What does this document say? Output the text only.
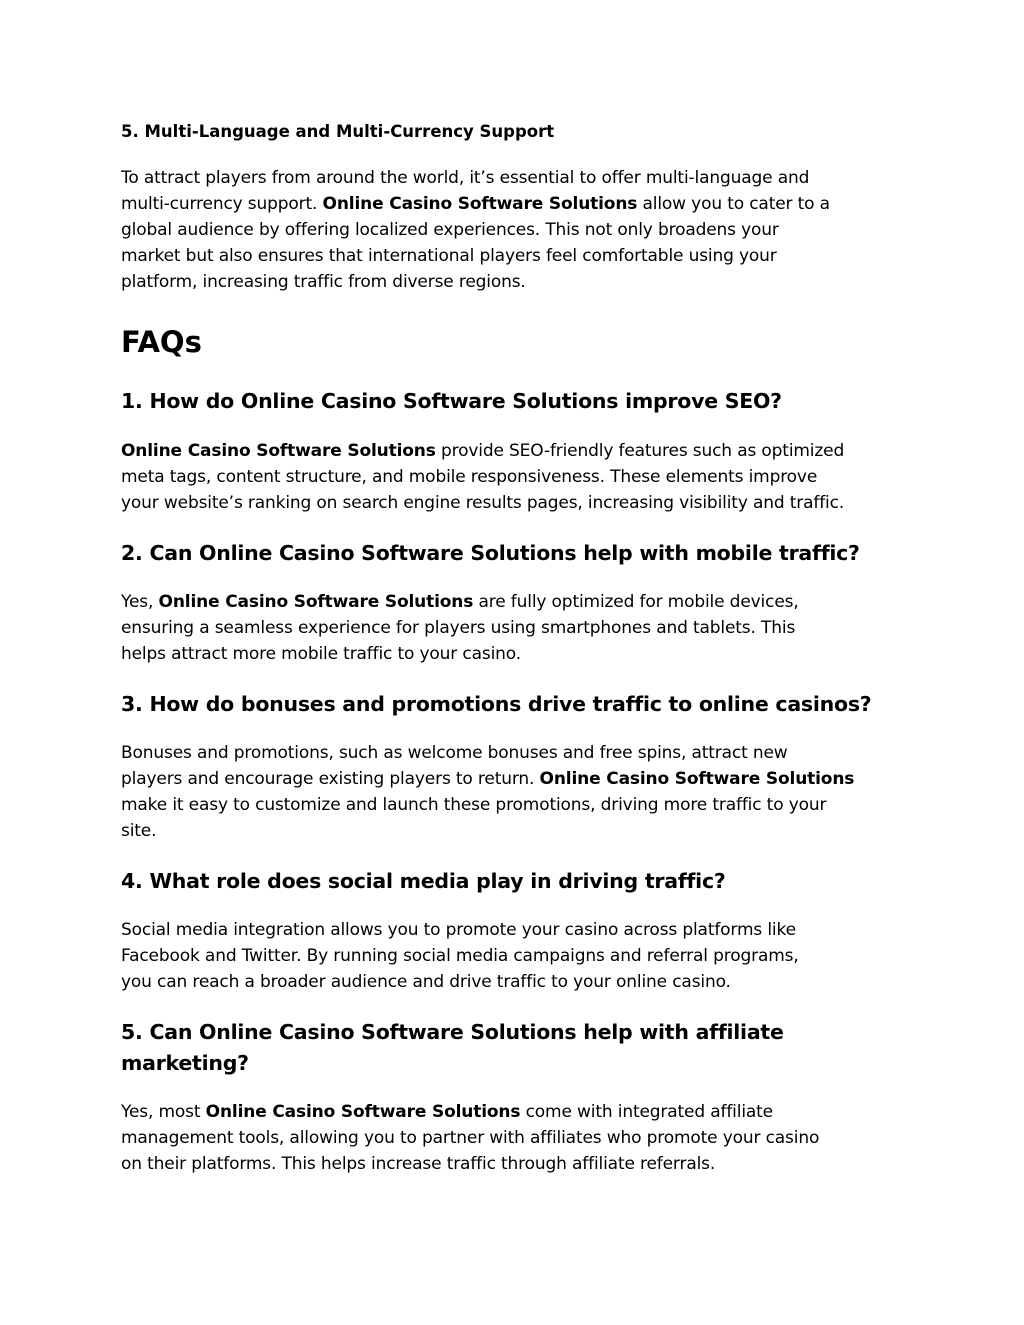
5. Multi-Language and Multi-Currency Support

To attract players from around the world, it’s essential to offer multi-language and
multi-currency support. Online Casino Software Solutions allow you to cater to a
global audience by offering localized experiences. This not only broadens your
market but also ensures that international players feel comfortable using your
platform, increasing traffic from diverse regions.

FAQs
1. How do Online Casino Software Solutions improve SEO?

Online Casino Software Solutions provide SEO-friendly features such as optimized
meta tags, content structure, and mobile responsiveness. These elements improve
your website’s ranking on search engine results pages, increasing visibility and traffic.

2. Can Online Casino Software Solutions help with mobile traffic?

Yes, Online Casino Software Solutions are fully optimized for mobile devices,
ensuring a seamless experience for players using smartphones and tablets. This
helps attract more mobile traffic to your casino.

3. How do bonuses and promotions drive traffic to online casinos?

Bonuses and promotions, such as welcome bonuses and free spins, attract new
players and encourage existing players to return. Online Casino Software Solutions
make it easy to customize and launch these promotions, driving more traffic to your
site.

4. What role does social media play in driving traffic?

Social media integration allows you to promote your casino across platforms like
Facebook and Twitter. By running social media campaigns and referral programs,
you can reach a broader audience and drive traffic to your online casino.

5. Can Online Casino Software Solutions help with affiliate
marketing?

Yes, most Online Casino Software Solutions come with integrated affiliate
management tools, allowing you to partner with affiliates who promote your casino
on their platforms. This helps increase traffic through affiliate referrals.
